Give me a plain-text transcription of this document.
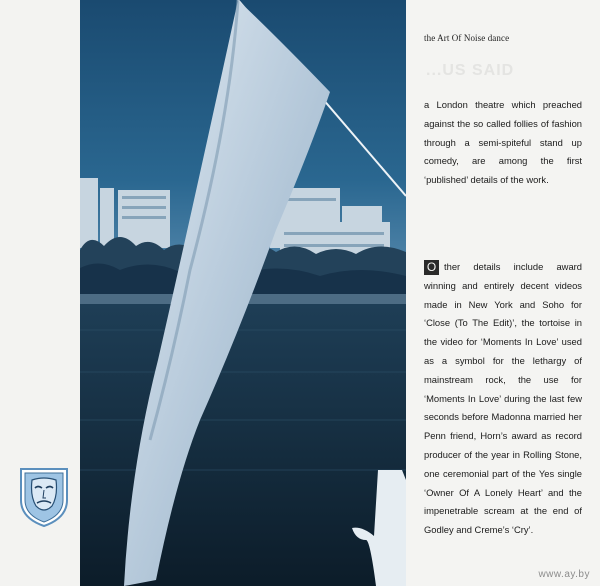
the Art Of Noise dance
...US SAID
a London theatre which preached against the so called follies of fashion through a semi-spiteful stand up comedy, are among the first ‘published’ details of the work.
O ther details include award winning and entirely decent videos made in New York and Soho for ‘Close (To The Edit)’, the tortoise in the video for ‘Moments In Love’ used as a symbol for the lethargy of mainstream rock, the use for ‘Moments In Love’ during the last few seconds before Madonna married her Penn friend, Horn’s award as record producer of the year in Rolling Stone, one ceremonial part of the Yes single ‘Owner Of A Lonely Heart’ and the impenetrable scream at the end of Godley and Creme’s ‘Cry’.
www.ay.by
